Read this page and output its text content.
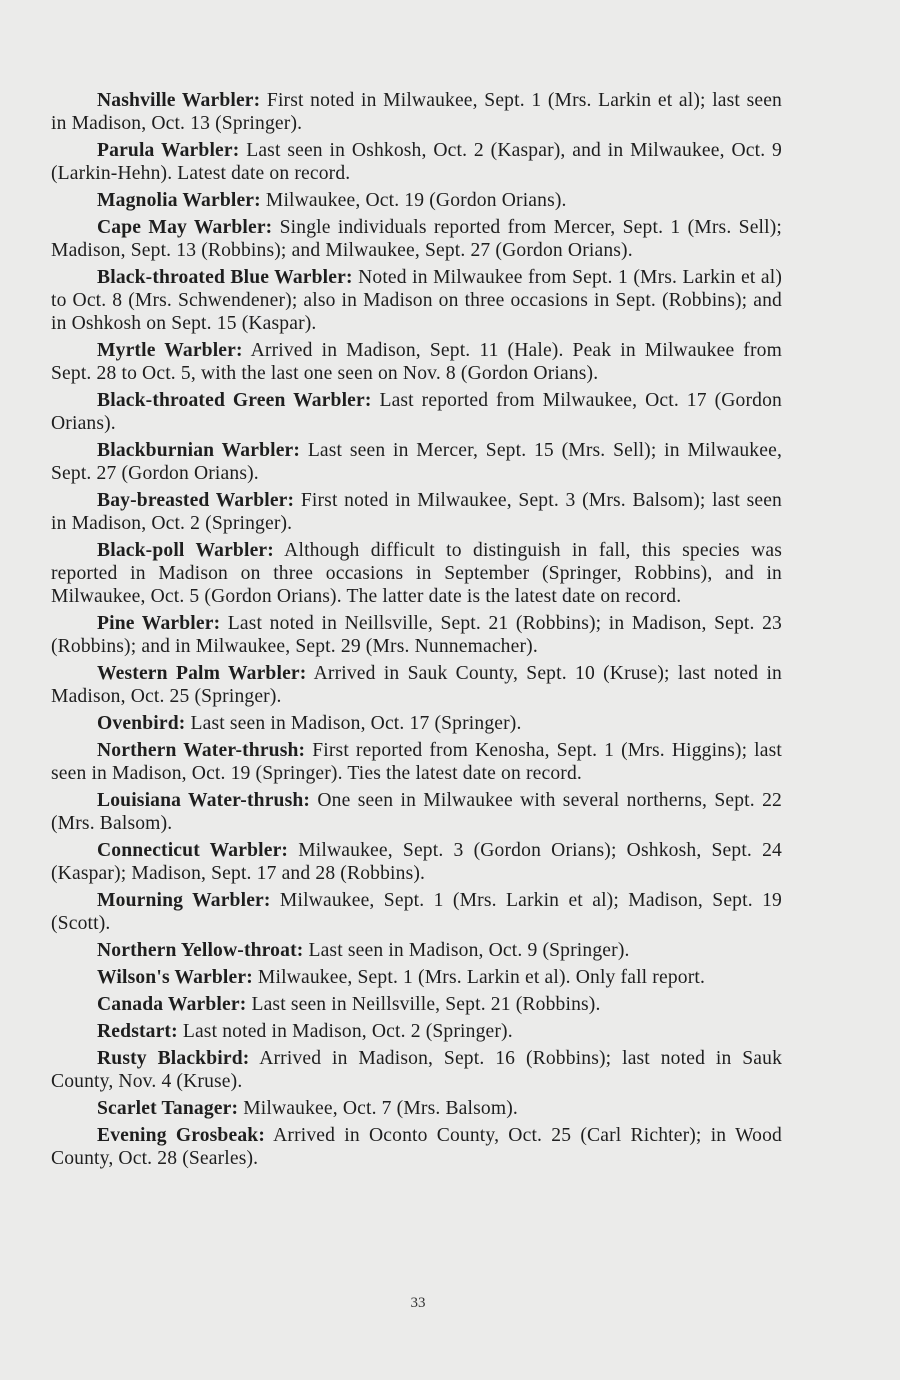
Nashville Warbler: First noted in Milwaukee, Sept. 1 (Mrs. Larkin et al); last seen in Madison, Oct. 13 (Springer).

Parula Warbler: Last seen in Oshkosh, Oct. 2 (Kaspar), and in Milwaukee, Oct. 9 (Larkin-Hehn). Latest date on record.

Magnolia Warbler: Milwaukee, Oct. 19 (Gordon Orians).

Cape May Warbler: Single individuals reported from Mercer, Sept. 1 (Mrs. Sell); Madison, Sept. 13 (Robbins); and Milwaukee, Sept. 27 (Gordon Orians).

Black-throated Blue Warbler: Noted in Milwaukee from Sept. 1 (Mrs. Larkin et al) to Oct. 8 (Mrs. Schwendener); also in Madison on three occasions in Sept. (Robbins); and in Oshkosh on Sept. 15 (Kaspar).

Myrtle Warbler: Arrived in Madison, Sept. 11 (Hale). Peak in Milwaukee from Sept. 28 to Oct. 5, with the last one seen on Nov. 8 (Gordon Orians).

Black-throated Green Warbler: Last reported from Milwaukee, Oct. 17 (Gordon Orians).

Blackburnian Warbler: Last seen in Mercer, Sept. 15 (Mrs. Sell); in Milwaukee, Sept. 27 (Gordon Orians).

Bay-breasted Warbler: First noted in Milwaukee, Sept. 3 (Mrs. Balsom); last seen in Madison, Oct. 2 (Springer).

Black-poll Warbler: Although difficult to distinguish in fall, this species was reported in Madison on three occasions in September (Springer, Robbins), and in Milwaukee, Oct. 5 (Gordon Orians). The latter date is the latest date on record.

Pine Warbler: Last noted in Neillsville, Sept. 21 (Robbins); in Madison, Sept. 23 (Robbins); and in Milwaukee, Sept. 29 (Mrs. Nunnemacher).

Western Palm Warbler: Arrived in Sauk County, Sept. 10 (Kruse); last noted in Madison, Oct. 25 (Springer).

Ovenbird: Last seen in Madison, Oct. 17 (Springer).

Northern Water-thrush: First reported from Kenosha, Sept. 1 (Mrs. Higgins); last seen in Madison, Oct. 19 (Springer). Ties the latest date on record.

Louisiana Water-thrush: One seen in Milwaukee with several northerns, Sept. 22 (Mrs. Balsom).

Connecticut Warbler: Milwaukee, Sept. 3 (Gordon Orians); Oshkosh, Sept. 24 (Kaspar); Madison, Sept. 17 and 28 (Robbins).

Mourning Warbler: Milwaukee, Sept. 1 (Mrs. Larkin et al); Madison, Sept. 19 (Scott).

Northern Yellow-throat: Last seen in Madison, Oct. 9 (Springer).

Wilson's Warbler: Milwaukee, Sept. 1 (Mrs. Larkin et al). Only fall report.

Canada Warbler: Last seen in Neillsville, Sept. 21 (Robbins).

Redstart: Last noted in Madison, Oct. 2 (Springer).

Rusty Blackbird: Arrived in Madison, Sept. 16 (Robbins); last noted in Sauk County, Nov. 4 (Kruse).

Scarlet Tanager: Milwaukee, Oct. 7 (Mrs. Balsom).

Evening Grosbeak: Arrived in Oconto County, Oct. 25 (Carl Richter); in Wood County, Oct. 28 (Searles).

33
